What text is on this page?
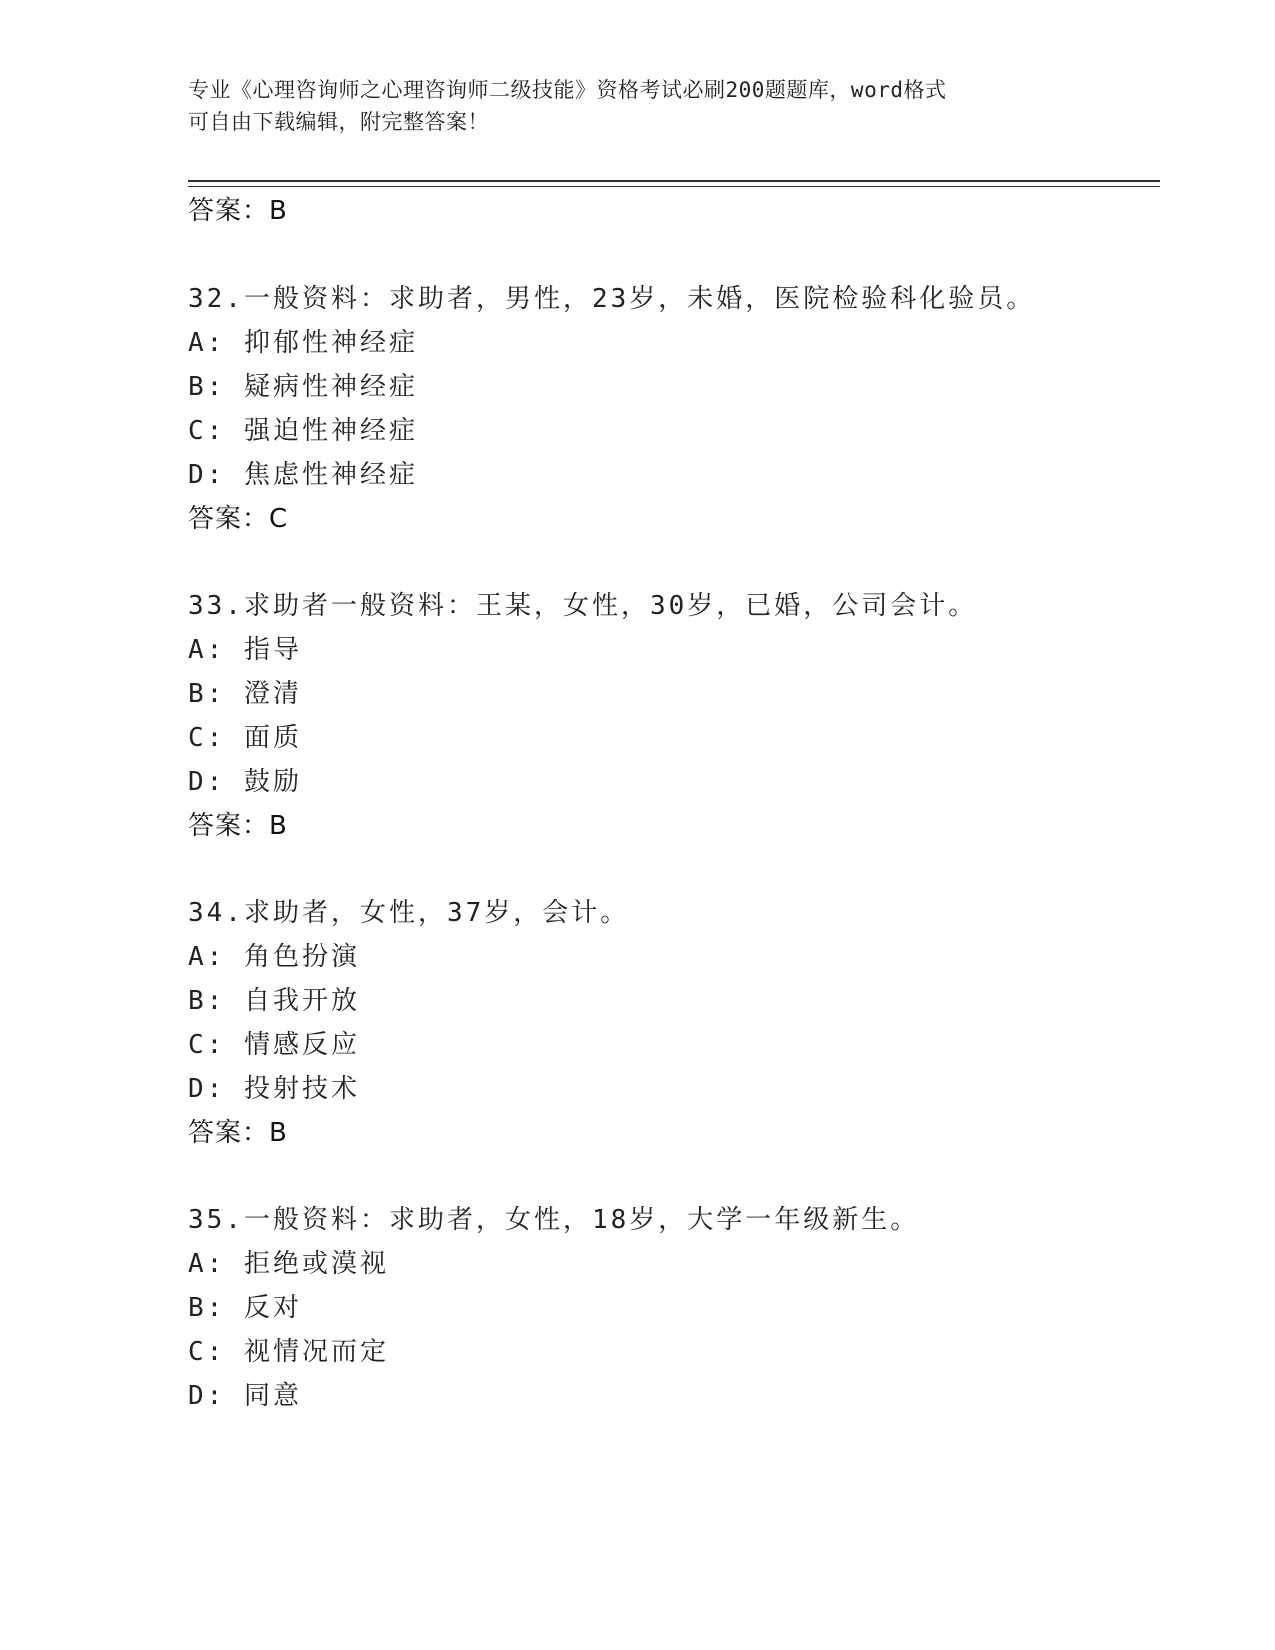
专业《心理咨询师之心理咨询师二级技能》资格考试必刷200题题库，word格式
可自由下载编辑，附完整答案！
答案：B
32.一般资料：求助者，男性，23岁，未婚，医院检验科化验员。
A: 抑郁性神经症
B: 疑病性神经症
C: 强迫性神经症
D: 焦虑性神经症
答案：C
33.求助者一般资料：王某，女性，30岁，已婚，公司会计。
A: 指导
B: 澄清
C: 面质
D: 鼓励
答案：B
34.求助者，女性，37岁，会计。
A: 角色扮演
B: 自我开放
C: 情感反应
D: 投射技术
答案：B
35.一般资料：求助者，女性，18岁，大学一年级新生。
A: 拒绝或漠视
B: 反对
C: 视情况而定
D: 同意
